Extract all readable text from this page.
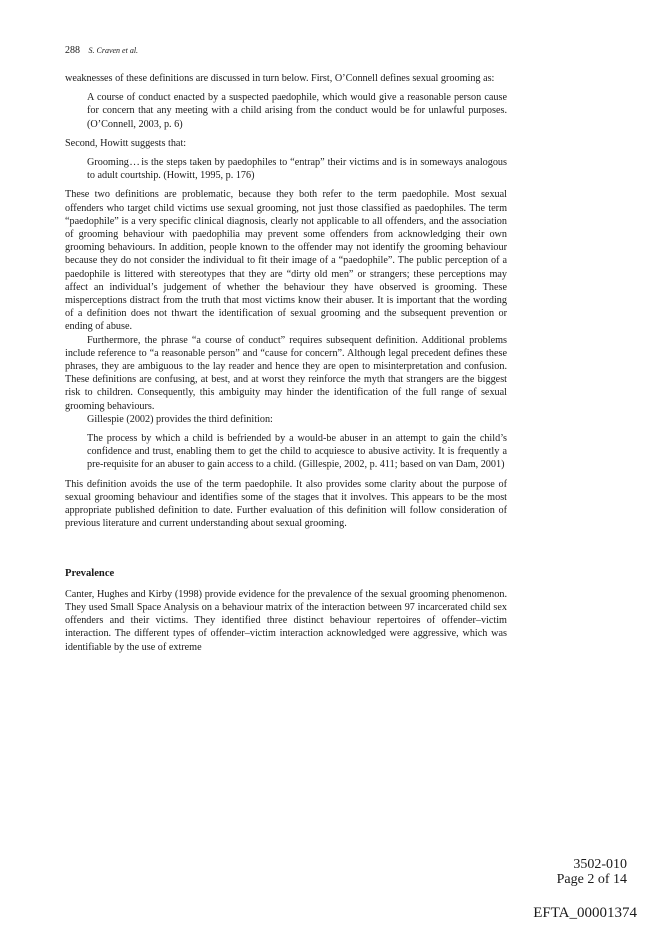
288 S. Craven et al.

weaknesses of these definitions are discussed in turn below. First, O’Connell defines sexual grooming as:

A course of conduct enacted by a suspected paedophile, which would give a reasonable person cause for concern that any meeting with a child arising from the conduct would be for unlawful purposes. (O’Connell, 2003, p. 6)

Second, Howitt suggests that:

Grooming ... is the steps taken by paedophiles to “entrap” their victims and is in someways analogous to adult courtship. (Howitt, 1995, p. 176)

These two definitions are problematic, because they both refer to the term paedophile. Most sexual offenders who target child victims use sexual grooming, not just those classified as paedophiles. The term “paedophile” is a very specific clinical diagnosis, clearly not applicable to all offenders, and the association of grooming behaviour with paedophilia may prevent some offenders from acknowledging their own grooming behaviours. In addition, people known to the offender may not identify the grooming behaviour because they do not consider the individual to fit their image of a “paedophile”. The public perception of a paedophile is littered with stereotypes that they are “dirty old men” or strangers; these perceptions may affect an individual’s judgement of whether the behaviour they have observed is grooming. These misperceptions distract from the truth that most victims know their abuser. It is important that the wording of a definition does not thwart the identification of sexual grooming and the subsequent prevention or ending of abuse.

Furthermore, the phrase “a course of conduct” requires subsequent definition. Additional problems include reference to “a reasonable person” and “cause for concern”. Although legal precedent defines these phrases, they are ambiguous to the lay reader and hence they are open to misinterpretation and confusion. These definitions are confusing, at best, and at worst they reinforce the myth that strangers are the biggest risk to children. Consequently, this ambiguity may hinder the identification of the full range of sexual grooming behaviours.

Gillespie (2002) provides the third definition:

The process by which a child is befriended by a would-be abuser in an attempt to gain the child’s confidence and trust, enabling them to get the child to acquiesce to abusive activity. It is frequently a pre-requisite for an abuser to gain access to a child. (Gillespie, 2002, p. 411; based on van Dam, 2001)

This definition avoids the use of the term paedophile. It also provides some clarity about the purpose of sexual grooming behaviour and identifies some of the stages that it involves. This appears to be the most appropriate published definition to date. Further evaluation of this definition will follow consideration of previous literature and current understanding about sexual grooming.

Prevalence

Canter, Hughes and Kirby (1998) provide evidence for the prevalence of the sexual grooming phenomenon. They used Small Space Analysis on a behaviour matrix of the interaction between 97 incarcerated child sex offenders and their victims. They identified three distinct behaviour repertoires of offender–victim interaction. The different types of offender–victim interaction acknowledged were aggressive, which was identifiable by the use of extreme

3502-010
Page 2 of 14
EFTA_00001374
